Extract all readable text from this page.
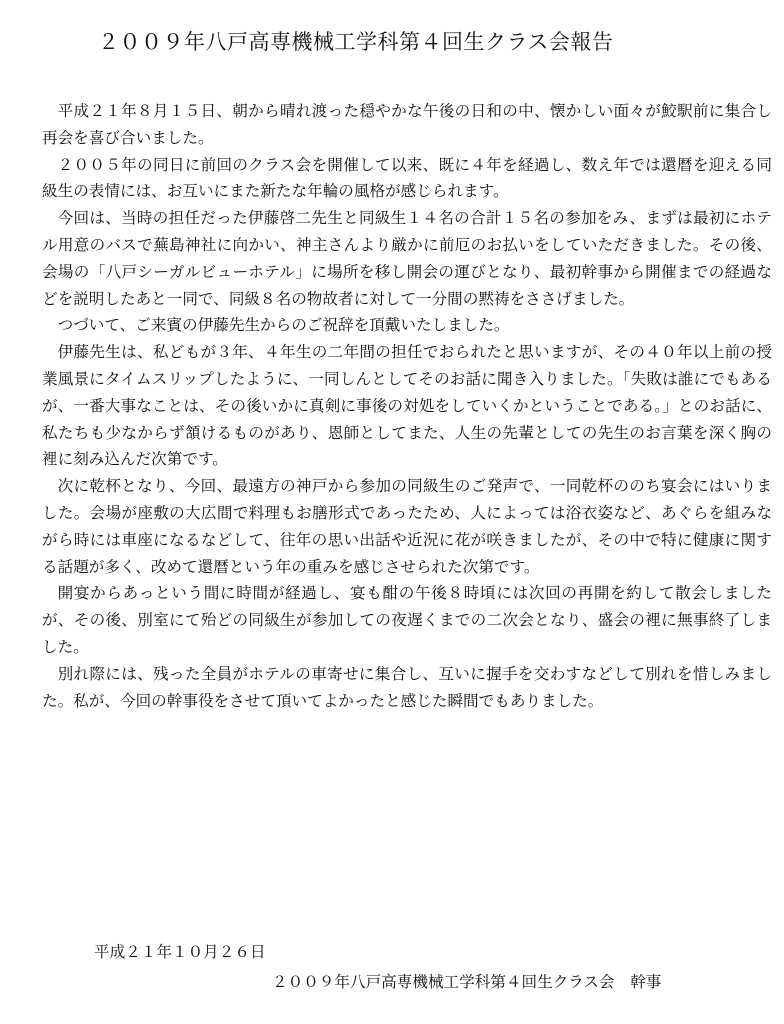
２００９年八戸高専機械工学科第４回生クラス会報告

平成２１年８月１５日、朝から晴れ渡った穏やかな午後の日和の中、懐かしい面々が鮫駅前に集合し再会を喜び合いました。

２００５年の同日に前回のクラス会を開催して以来、既に４年を経過し、数え年では還暦を迎える同級生の表情には、お互いにまた新たな年輪の風格が感じられます。

今回は、当時の担任だった伊藤啓二先生と同級生１４名の合計１５名の参加をみ、まずは最初にホテル用意のバスで蕪島神社に向かい、神主さんより厳かに前厄のお払いをしていただきました。その後、会場の「八戸シーガルビューホテル」に場所を移し開会の運びとなり、最初幹事から開催までの経過などを説明したあと一同で、同級８名の物故者に対して一分間の黙祷をささげました。

つづいて、ご来賓の伊藤先生からのご祝辞を頂戴いたしました。

伊藤先生は、私どもが３年、４年生の二年間の担任でおられたと思いますが、その４０年以上前の授業風景にタイムスリップしたように、一同しんとしてそのお話に聞き入りました。「失敗は誰にでもあるが、一番大事なことは、その後いかに真剣に事後の対処をしていくかということである。」とのお話に、私たちも少なからず頷けるものがあり、恩師としてまた、人生の先輩としての先生のお言葉を深く胸の裡に刻み込んだ次第です。

次に乾杯となり、今回、最遠方の神戸から参加の同級生のご発声で、一同乾杯ののち宴会にはいりました。会場が座敷の大広間で料理もお膳形式であったため、人によっては浴衣姿など、あぐらを組みながら時には車座になるなどして、往年の思い出話や近況に花が咲きましたが、その中で特に健康に関する話題が多く、改めて還暦という年の重みを感じさせられた次第です。

開宴からあっという間に時間が経過し、宴も酣の午後８時頃には次回の再開を約して散会しましたが、その後、別室にて殆どの同級生が参加しての夜遅くまでの二次会となり、盛会の裡に無事終了しました。

別れ際には、残った全員がホテルの車寄せに集合し、互いに握手を交わすなどして別れを惜しみました。私が、今回の幹事役をさせて頂いてよかったと感じた瞬間でもありました。

平成２１年１０月２６日
２００９年八戸高専機械工学科第４回生クラス会　幹事
